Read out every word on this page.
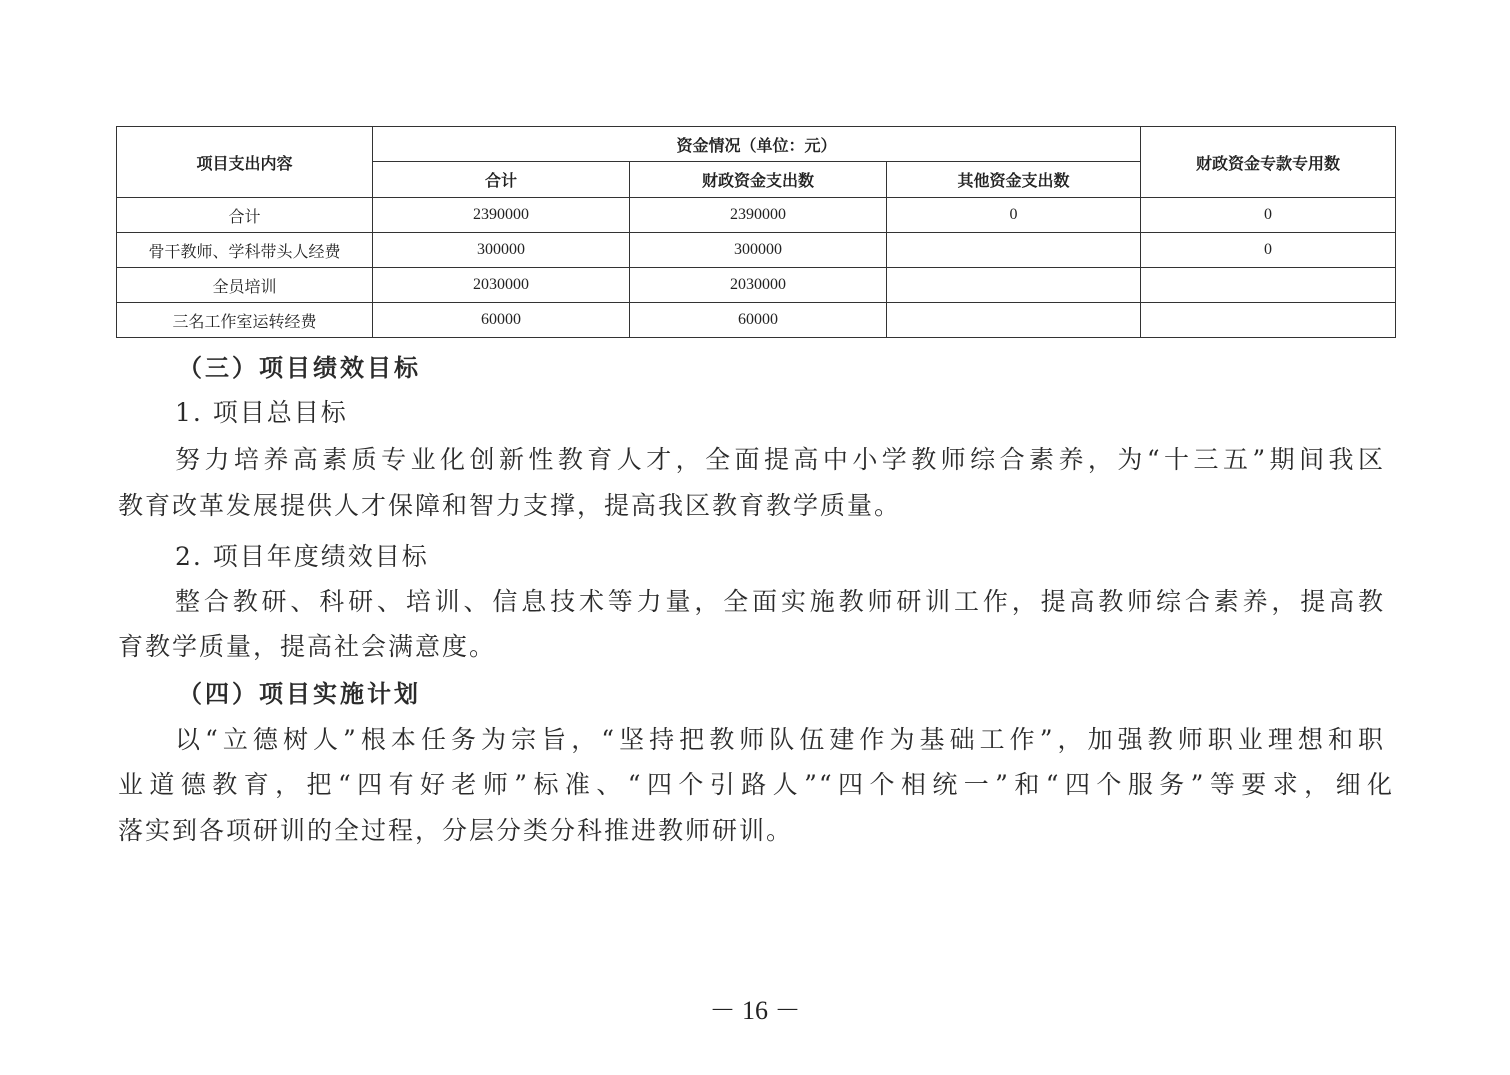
项目支出内容	资金情况（单位：元）			财政资金专款专用数
	合计	财政资金支出数	其他资金支出数	
合计	2390000	2390000	0	0
骨干教师、学科带头人经费	300000	300000		0
全员培训	2030000	2030000		
三名工作室运转经费	60000	60000		
（三）项目绩效目标
1. 项目总目标
努力培养高素质专业化创新性教育人才，全面提高中小学教师综合素养，为“十三五”期间我区
教育改革发展提供人才保障和智力支撑，提高我区教育教学质量。
2. 项目年度绩效目标
整合教研、科研、培训、信息技术等力量，全面实施教师研训工作，提高教师综合素养，提高教
育教学质量，提高社会满意度。
（四）项目实施计划
以“立德树人”根本任务为宗旨，“坚持把教师队伍建作为基础工作”，加强教师职业理想和职
业道德教育，把“四有好老师”标准、“四个引路人”“四个相统一”和“四个服务”等要求，细化
落实到各项研训的全过程，分层分类分科推进教师研训。
－ 16 －
